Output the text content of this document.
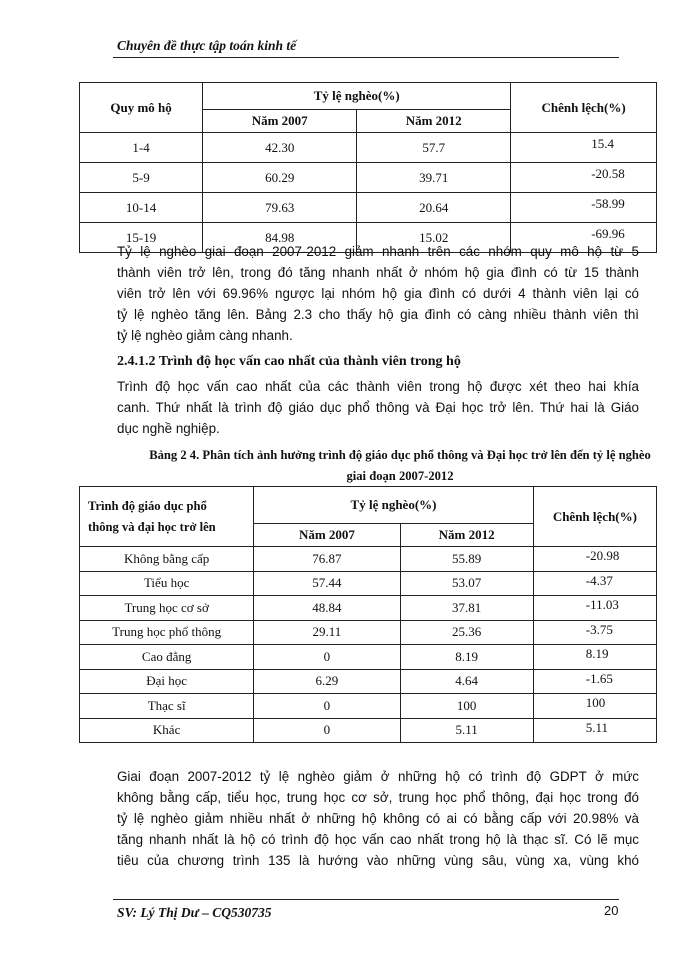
Chuyên đề thực tập toán kinh tế
Quy mô hộ	Tỷ lệ nghèo(%)		Chênh lệch(%)
	Năm 2007	Năm 2012	
1-4	42.30	57.7	15.4
5-9	60.29	39.71	-20.58
10-14	79.63	20.64	-58.99
15-19	84.98	15.02	-69.96
Tỷ lệ nghèo giai đoạn 2007-2012 giảm nhanh trên các nhóm quy mô hộ từ 5
thành viên trở lên, trong đó tăng nhanh nhất ở nhóm hộ gia đình có từ 15 thành
viên trở lên với 69.96% ngược lại nhóm hộ gia đình có dưới 4 thành viên lại có
tỷ lệ nghèo tăng lên. Bảng 2.3 cho thấy hộ gia đình có càng nhiều thành viên thì
tỷ lệ nghèo giảm càng nhanh.
2.4.1.2 Trình độ học vấn cao nhất của thành viên trong hộ
Trình độ học vấn cao nhất của các thành viên trong hộ được xét theo hai khía
canh. Thứ nhất là trình độ giáo dục phổ thông và Đại học trở lên. Thứ hai là Giáo
dục nghề nghiệp.
Bảng 2 4. Phân tích ảnh hưởng trình độ giáo dục phổ thông và Đại học trở lên đến tỷ lệ nghèo
giai đoạn 2007-2012
Trình độ giáo dục phổ
thông và đại học trở lên	Tỷ lệ nghèo(%)		Chênh lệch(%)
	Năm 2007	Năm 2012	
Không bằng cấp	76.87	55.89	-20.98
Tiểu học	57.44	53.07	-4.37
Trung học cơ sở	48.84	37.81	-11.03
Trung học phổ thông	29.11	25.36	-3.75
Cao đẳng	0	8.19	8.19
Đại học	6.29	4.64	-1.65
Thạc sĩ	0	100	100
Khác	0	5.11	5.11
Giai đoạn 2007-2012 tỷ lệ nghèo giảm ở những hộ có trình độ GDPT ở mức
không bằng cấp, tiểu học, trung học cơ sở, trung học phổ thông, đại học trong đó
tỷ lệ nghèo giảm nhiều nhất ở những hộ không có ai có bằng cấp với 20.98% và
tăng nhanh nhất là hộ có trình độ học vấn cao nhất trong hộ là thạc sĩ. Có lẽ mục
tiêu của chương trình 135 là hướng vào những vùng sâu, vùng xa, vùng khó
SV: Lý Thị Dư – CQ530735	20
